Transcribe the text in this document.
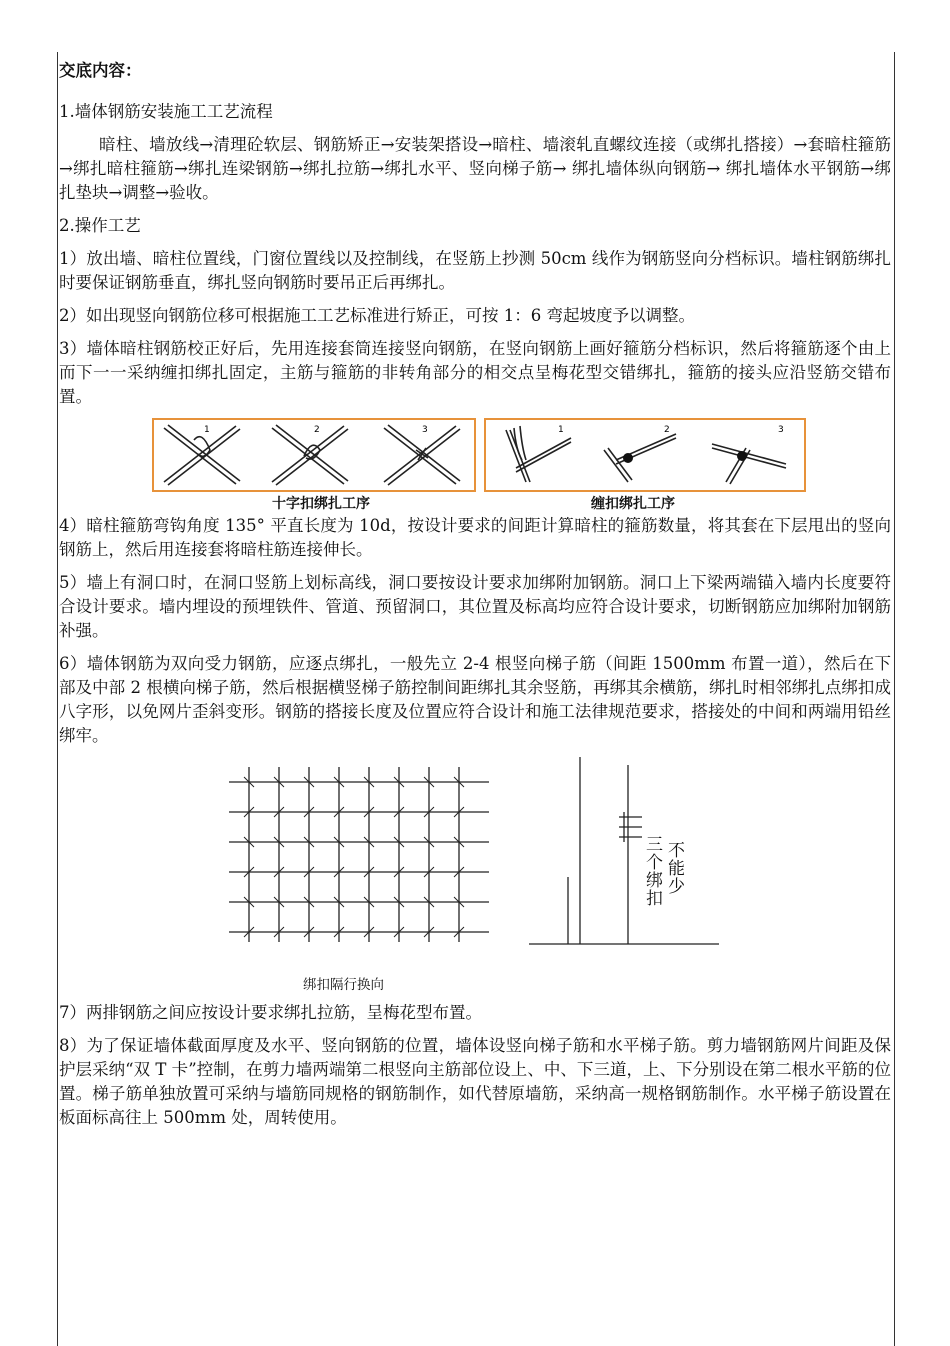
交底内容：

1.墙体钢筋安装施工工艺流程

暗柱、墙放线→清理砼软层、钢筋矫正→安装架搭设→暗柱、墙滚轧直螺纹连接（或绑扎搭接）→套暗柱箍筋→绑扎暗柱箍筋→绑扎连梁钢筋→绑扎拉筋→绑扎水平、竖向梯子筋→ 绑扎墙体纵向钢筋→ 绑扎墙体水平钢筋→绑扎垫块→调整→验收。

2.操作工艺

1）放出墙、暗柱位置线，门窗位置线以及控制线，在竖筋上抄测 50cm 线作为钢筋竖向分档标识。墙柱钢筋绑扎时要保证钢筋垂直，绑扎竖向钢筋时要吊正后再绑扎。

2）如出现竖向钢筋位移可根据施工工艺标准进行矫正，可按 1：6 弯起坡度予以调整。

3）墙体暗柱钢筋校正好后，先用连接套筒连接竖向钢筋，在竖向钢筋上画好箍筋分档标识，然后将箍筋逐个由上而下一一采纳缠扣绑扎固定，主筋与箍筋的非转角部分的相交点呈梅花型交错绑扎，箍筋的接头应沿竖筋交错布置。

1	2	3	1	2	3
十字扣绑扎工序	缠扣绑扎工序

4）暗柱箍筋弯钩角度 135° 平直长度为 10d，按设计要求的间距计算暗柱的箍筋数量，将其套在下层甩出的竖向钢筋上，然后用连接套将暗柱筋连接伸长。

5）墙上有洞口时，在洞口竖筋上划标高线，洞口要按设计要求加绑附加钢筋。洞口上下梁两端锚入墙内长度要符合设计要求。墙内埋设的预埋铁件、管道、预留洞口，其位置及标高均应符合设计要求，切断钢筋应加绑附加钢筋补强。

6）墙体钢筋为双向受力钢筋，应逐点绑扎，一般先立 2-4 根竖向梯子筋（间距 1500mm 布置一道），然后在下部及中部 2 根横向梯子筋，然后根据横竖梯子筋控制间距绑扎其余竖筋，再绑其余横筋，绑扎时相邻绑扎点绑扣成八字形，以免网片歪斜变形。钢筋的搭接长度及位置应符合设计和施工法律规范要求，搭接处的中间和两端用铅丝绑牢。

绑扣隔行换向
三个绑扣 不能少

7）两排钢筋之间应按设计要求绑扎拉筋，呈梅花型布置。

8）为了保证墙体截面厚度及水平、竖向钢筋的位置，墙体设竖向梯子筋和水平梯子筋。剪力墙钢筋网片间距及保护层采纳“双 T 卡”控制，在剪力墙两端第二根竖向主筋部位设上、中、下三道，上、下分别设在第二根水平筋的位置。梯子筋单独放置可采纳与墙筋同规格的钢筋制作，如代替原墙筋，采纳高一规格钢筋制作。水平梯子筋设置在板面标高往上 500mm 处，周转使用。
